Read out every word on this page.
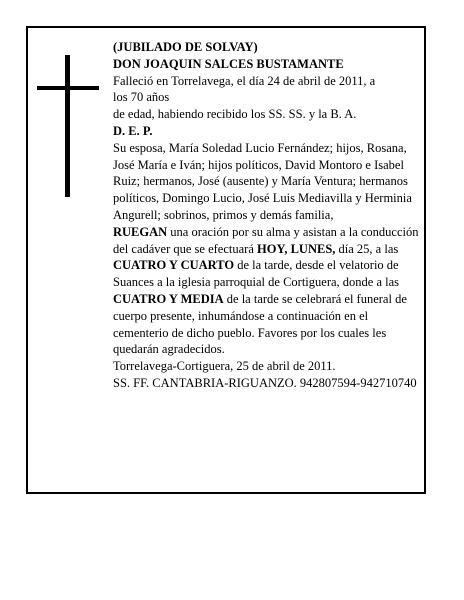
(JUBILADO DE SOLVAY)

DON JOAQUIN SALCES BUSTAMANTE

Falleció en Torrelavega, el día 24 de abril de 2011, a

los 70 años

de edad, habiendo recibido los SS. SS. y la B. A.

D. E. P.

Su esposa, María Soledad Lucio Fernández; hijos, Rosana, José María e Iván; hijos políticos, David Montoro e Isabel Ruiz; hermanos, José (ausente) y María Ventura; hermanos políticos, Domingo Lucio, José Luis Mediavilla y Herminia Angurell; sobrinos, primos y demás familia,

RUEGAN una oración por su alma y asistan a la conducción del cadáver que se efectuará HOY, LUNES, día 25, a las CUATRO Y CUARTO de la tarde, desde el velatorio de Suances a la iglesia parroquial de Cortiguera, donde a las CUATRO Y MEDIA de la tarde se celebrará el funeral de cuerpo presente, inhumándose a continuación en el cementerio de dicho pueblo. Favores por los cuales les quedarán agradecidos.

Torrelavega-Cortiguera, 25 de abril de 2011.

SS. FF. CANTABRIA-RIGUANZO. 942807594-942710740
